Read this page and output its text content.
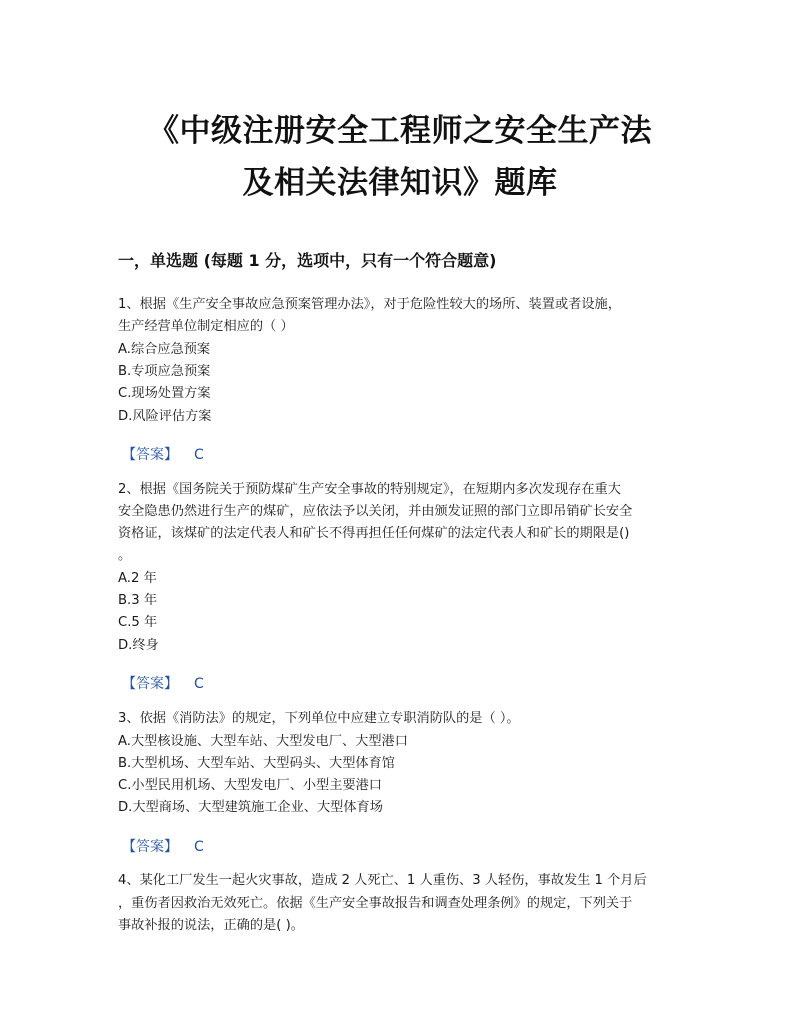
《中级注册安全工程师之安全生产法
及相关法律知识》题库
一，单选题 (每题 1 分，选项中，只有一个符合题意)
1、根据《生产安全事故应急预案管理办法》，对于危险性较大的场所、装置或者设施，
生产经营单位制定相应的（ ）
A.综合应急预案
B.专项应急预案
C.现场处置方案
D.风险评估方案
【答案】 C
2、根据《国务院关于预防煤矿生产安全事故的特别规定》，在短期内多次发现存在重大
安全隐患仍然进行生产的煤矿，应依法予以关闭，并由颁发证照的部门立即吊销矿长安全
资格证，该煤矿的法定代表人和矿长不得再担任任何煤矿的法定代表人和矿长的期限是()
。
A.2 年
B.3 年
C.5 年
D.终身
【答案】 C
3、依据《消防法》的规定，下列单位中应建立专职消防队的是（ ）。
A.大型核设施、大型车站、大型发电厂、大型港口
B.大型机场、大型车站、大型码头、大型体育馆
C.小型民用机场、大型发电厂、小型主要港口
D.大型商场、大型建筑施工企业、大型体育场
【答案】 C
4、某化工厂发生一起火灾事故，造成 2 人死亡、1 人重伤、3 人轻伤，事故发生 1 个月后
，重伤者因救治无效死亡。依据《生产安全事故报告和调查处理条例》的规定，下列关于
事故补报的说法，正确的是( )。
